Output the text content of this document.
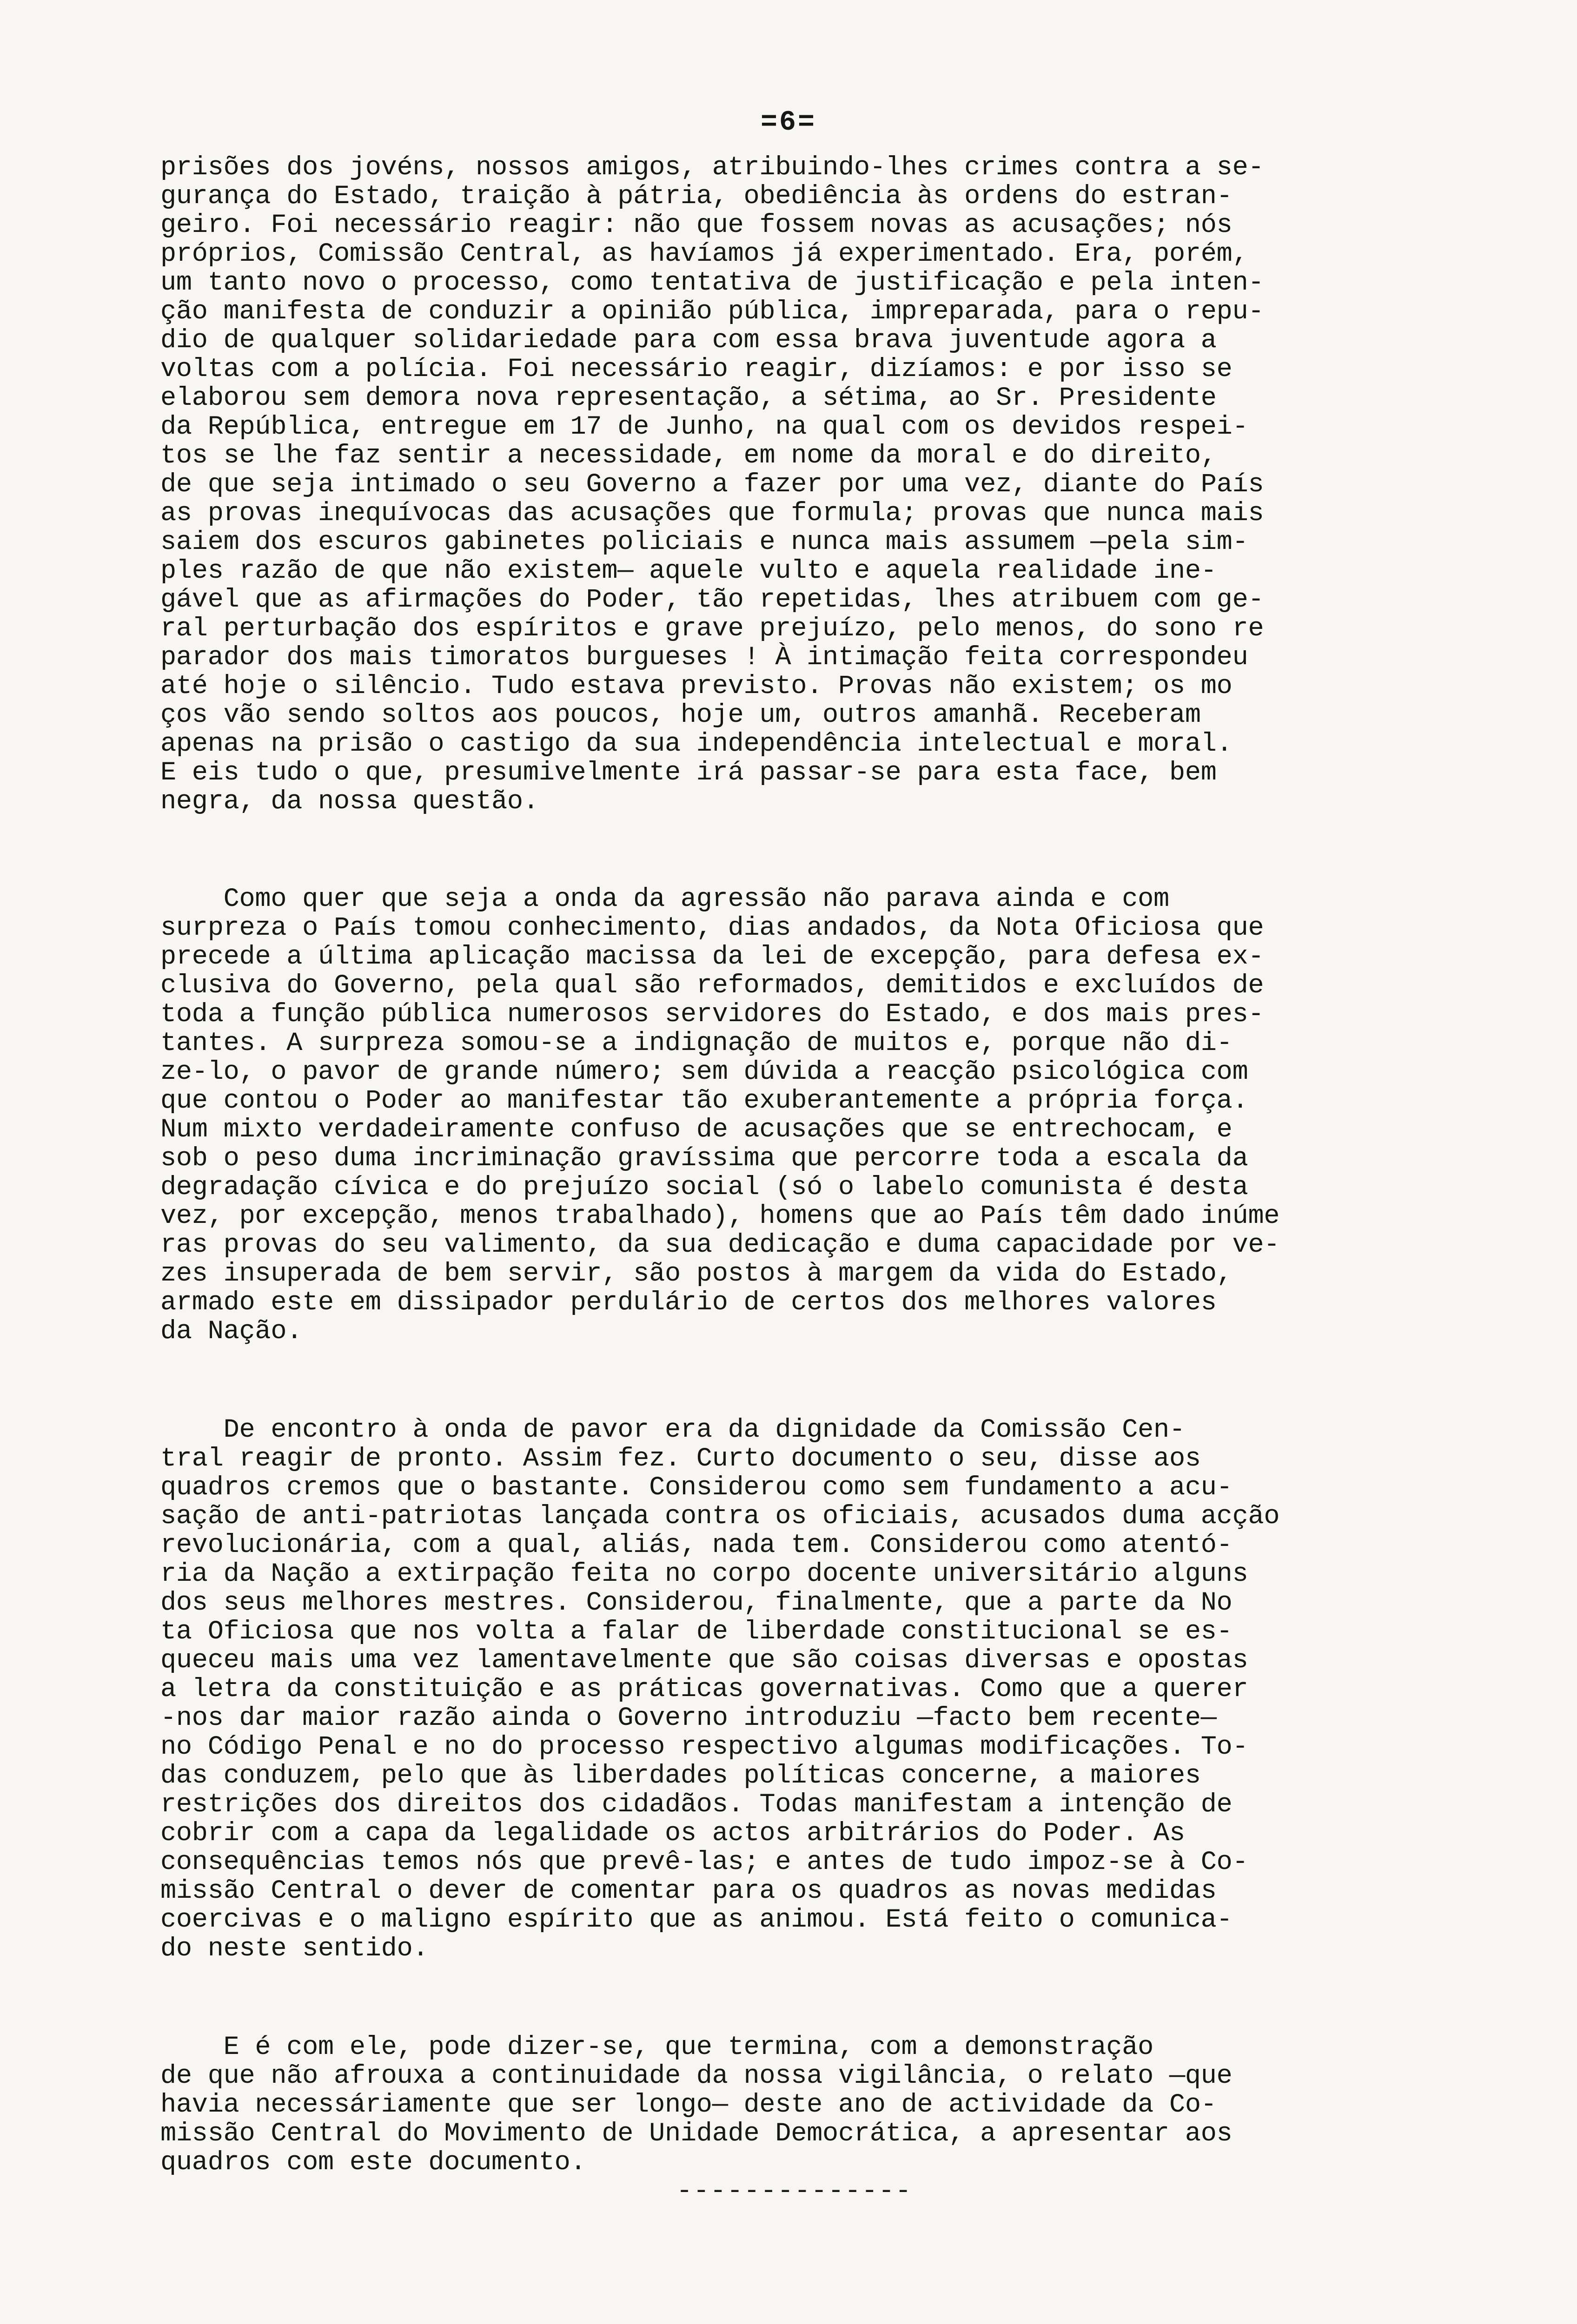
=6=
prisões dos jovéns, nossos amigos, atribuindo-lhes crimes contra a se-
gurança do Estado, traição à pátria, obediência às ordens do estran-
geiro. Foi necessário reagir: não que fossem novas as acusações; nós
próprios, Comissão Central, as havíamos já experimentado. Era, porém,
um tanto novo o processo, como tentativa de justificação e pela inten-
ção manifesta de conduzir a opinião pública, impreparada, para o repu-
dio de qualquer solidariedade para com essa brava juventude agora a
voltas com a polícia. Foi necessário reagir, dizíamos: e por isso se
elaborou sem demora nova representação, a sétima, ao Sr. Presidente
da República, entregue em 17 de Junho, na qual com os devidos respei-
tos se lhe faz sentir a necessidade, em nome da moral e do direito,
de que seja intimado o seu Governo a fazer por uma vez, diante do País
as provas inequívocas das acusações que formula; provas que nunca mais
saiem dos escuros gabinetes policiais e nunca mais assumem —pela sim-
ples razão de que não existem— aquele vulto e aquela realidade ine-
gável que as afirmações do Poder, tão repetidas, lhes atribuem com ge-
ral perturbação dos espíritos e grave prejuízo, pelo menos, do sono re
parador dos mais timoratos burgueses ! À intimação feita correspondeu
até hoje o silêncio. Tudo estava previsto. Provas não existem; os mo
ços vão sendo soltos aos poucos, hoje um, outros amanhã. Receberam
apenas na prisão o castigo da sua independência intelectual e moral.
E eis tudo o que, presumivelmente irá passar-se para esta face, bem
negra, da nossa questão.
Como quer que seja a onda da agressão não parava ainda e com
surpreza o País tomou conhecimento, dias andados, da Nota Oficiosa que
precede a última aplicação macissa da lei de excepção, para defesa ex-
clusiva do Governo, pela qual são reformados, demitidos e excluídos de
toda a função pública numerosos servidores do Estado, e dos mais pres-
tantes. A surpreza somou-se a indignação de muitos e, porque não di-
ze-lo, o pavor de grande número; sem dúvida a reacção psicológica com
que contou o Poder ao manifestar tão exuberantemente a própria força.
Num mixto verdadeiramente confuso de acusações que se entrechocam, e
sob o peso duma incriminação gravíssima que percorre toda a escala da
degradação cívica e do prejuízo social (só o labelo comunista é desta
vez, por excepção, menos trabalhado), homens que ao País têm dado inúme
ras provas do seu valimento, da sua dedicação e duma capacidade por ve-
zes insuperada de bem servir, são postos à margem da vida do Estado,
armado este em dissipador perdulário de certos dos melhores valores
da Nação.
De encontro à onda de pavor era da dignidade da Comissão Cen-
tral reagir de pronto. Assim fez. Curto documento o seu, disse aos
quadros cremos que o bastante. Considerou como sem fundamento a acu-
sação de anti-patriotas lançada contra os oficiais, acusados duma acção
revolucionária, com a qual, aliás, nada tem. Considerou como atentó-
ria da Nação a extirpação feita no corpo docente universitário alguns
dos seus melhores mestres. Considerou, finalmente, que a parte da No
ta Oficiosa que nos volta a falar de liberdade constitucional se es-
queceu mais uma vez lamentavelmente que são coisas diversas e opostas
a letra da constituição e as práticas governativas. Como que a querer
-nos dar maior razão ainda o Governo introduziu —facto bem recente—
no Código Penal e no do processo respectivo algumas modificações. To-
das conduzem, pelo que às liberdades políticas concerne, a maiores
restrições dos direitos dos cidadãos. Todas manifestam a intenção de
cobrir com a capa da legalidade os actos arbitrários do Poder. As
consequências temos nós que prevê-las; e antes de tudo impoz-se à Co-
missão Central o dever de comentar para os quadros as novas medidas
coercivas e o maligno espírito que as animou. Está feito o comunica-
do neste sentido.
E é com ele, pode dizer-se, que termina, com a demonstração
de que não afrouxa a continuidade da nossa vigilância, o relato —que
havia necessáriamente que ser longo— deste ano de actividade da Co-
missão Central do Movimento de Unidade Democrática, a apresentar aos
quadros com este documento.
--------------
